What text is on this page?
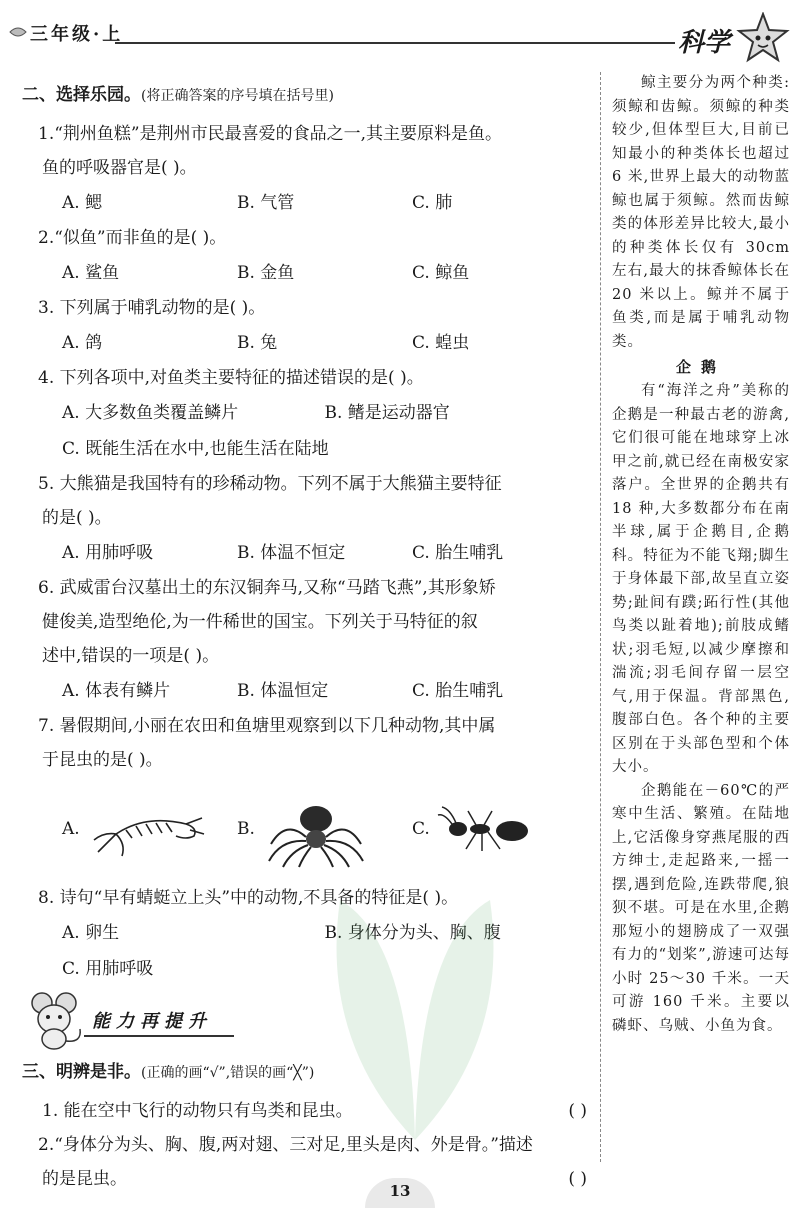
三年级·上	科学
二、选择乐园。(将正确答案的序号填在括号里)
1.“荆州鱼糕”是荆州市民最喜爱的食品之一,其主要原料是鱼。
鱼的呼吸器官是( )。
A. 鳃	B. 气管	C. 肺
2.“似鱼”而非鱼的是( )。
A. 鲨鱼	B. 金鱼	C. 鲸鱼
3. 下列属于哺乳动物的是( )。
A. 鸽	B. 兔	C. 蝗虫
4. 下列各项中,对鱼类主要特征的描述错误的是( )。
A. 大多数鱼类覆盖鳞片	B. 鳍是运动器官
C. 既能生活在水中,也能生活在陆地
5. 大熊猫是我国特有的珍稀动物。下列不属于大熊猫主要特征
的是( )。
A. 用肺呼吸	B. 体温不恒定	C. 胎生哺乳
6. 武威雷台汉墓出土的东汉铜奔马,又称“马踏飞燕”,其形象矫
健俊美,造型绝伦,为一件稀世的国宝。下列关于马特征的叙
述中,错误的一项是( )。
A. 体表有鳞片	B. 体温恒定	C. 胎生哺乳
7. 暑假期间,小丽在农田和鱼塘里观察到以下几种动物,其中属
于昆虫的是( )。
A.	B.	C.
8. 诗句“早有蜻蜓立上头”中的动物,不具备的特征是( )。
A. 卵生	B. 身体分为头、胸、腹
C. 用肺呼吸
能力再提升
三、明辨是非。(正确的画“√”,错误的画“╳”)
1. 能在空中飞行的动物只有鸟类和昆虫。	( )
2.“身体分为头、胸、腹,两对翅、三对足,里头是肉、外是骨。”描述
的是昆虫。	( )

鲸主要分为两个种类:须鲸和齿鲸。须鲸的种类较少,但体型巨大,目前已知最小的种类体长也超过 6 米,世界上最大的动物蓝鲸也属于须鲸。然而齿鲸类的体形差异比较大,最小的种类体长仅有 30cm 左右,最大的抹香鲸体长在 20 米以上。鲸并不属于鱼类,而是属于哺乳动物类。

企鹅

有“海洋之舟”美称的企鹅是一种最古老的游禽,它们很可能在地球穿上冰甲之前,就已经在南极安家落户。全世界的企鹅共有 18 种,大多数都分布在南半球,属于企鹅目,企鹅科。特征为不能飞翔;脚生于身体最下部,故呈直立姿势;趾间有蹼;跖行性(其他鸟类以趾着地);前肢成鳍状;羽毛短,以减少摩擦和湍流;羽毛间存留一层空气,用于保温。背部黑色,腹部白色。各个种的主要区别在于头部色型和个体大小。

企鹅能在－60℃的严寒中生活、繁殖。在陆地上,它活像身穿燕尾服的西方绅士,走起路来,一摇一摆,遇到危险,连跌带爬,狼狈不堪。可是在水里,企鹅那短小的翅膀成了一双强有力的“划桨”,游速可达每小时 25～30 千米。一天可游 160 千米。主要以磷虾、乌贼、小鱼为食。

13
